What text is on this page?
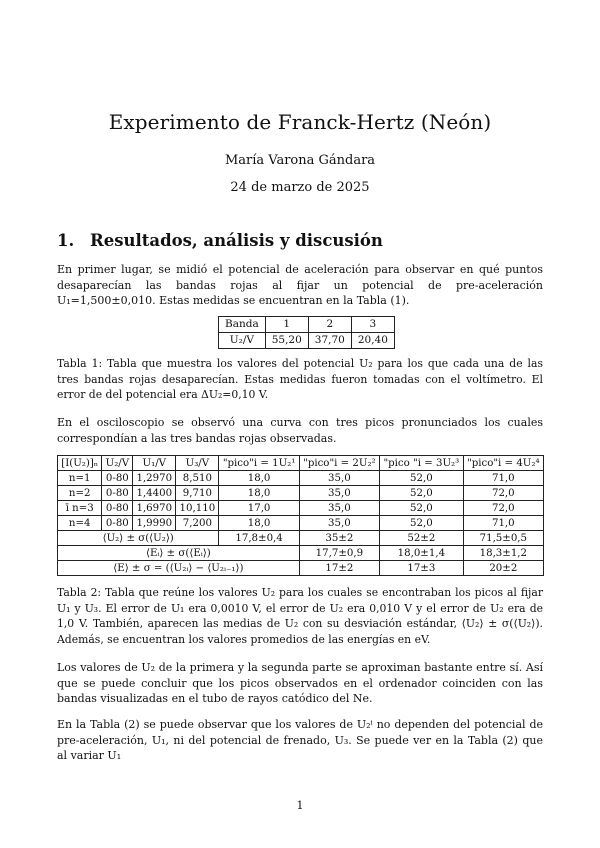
Experimento de Franck-Hertz (Neón)
María Varona Gándara
24 de marzo de 2025
1. Resultados, análisis y discusión
En primer lugar, se midió el potencial de aceleración para observar en qué puntos desaparecían las bandas rojas al fijar un potencial de pre-aceleración U₁=1,500±0,010. Estas medidas se encuentran en la Tabla (1).
Banda	1	2	3
U₂/V	55,20	37,70	20,40
Tabla 1: Tabla que muestra los valores del potencial U₂ para los que cada una de las tres bandas rojas desaparecían. Estas medidas fueron tomadas con el voltímetro. El error de del potencial era ΔU₂=0,10 V.
En el osciloscopio se observó una curva con tres picos pronunciados los cuales correspondían a las tres bandas rojas observadas.
[I(U₂)]ₙ	U₂/V	U₁/V	U₃/V	"pico"i = 1U₂¹	"pico"i = 2U₂²	"pico "i = 3U₂³	"pico"i = 4U₂⁴
n=1	0-80	1,2970	8,510	18,0	35,0	52,0	71,0
n=2	0-80	1,4400	9,710	18,0	35,0	52,0	72,0
ī n=3	0-80	1,6970	10,110	17,0	35,0	52,0	72,0
n=4	0-80	1,9990	7,200	18,0	35,0	52,0	71,0
⟨U₂⟩ ± σ(⟨U₂⟩)				17,8±0,4	35±2	52±2	71,5±0,5
⟨Eᵢ⟩ ± σ(⟨Eᵢ⟩)					17,7±0,9	18,0±1,4	18,3±1,2
⟨E⟩ ± σ = (⟨U₂ᵢ⟩ − ⟨U₂ᵢ₋₁⟩)					17±2	17±3	20±2
Tabla 2: Tabla que reúne los valores U₂ para los cuales se encontraban los picos al fijar U₁ y U₃. El error de U₁ era 0,0010 V, el error de U₂ era 0,010 V y el error de U₂ era de 1,0 V. También, aparecen las medias de U₂ con su desviación estándar, ⟨U₂⟩ ± σ(⟨U₂⟩). Además, se encuentran los valores promedios de las energías en eV.
Los valores de U₂ de la primera y la segunda parte se aproximan bastante entre sí. Así que se puede concluir que los picos observados en el ordenador coinciden con las bandas visualizadas en el tubo de rayos catódico del Ne.
En la Tabla (2) se puede observar que los valores de U₂ⁱ no dependen del potencial de pre-aceleración, U₁, ni del potencial de frenado, U₃. Se puede ver en la Tabla (2) que al variar U₁
1
